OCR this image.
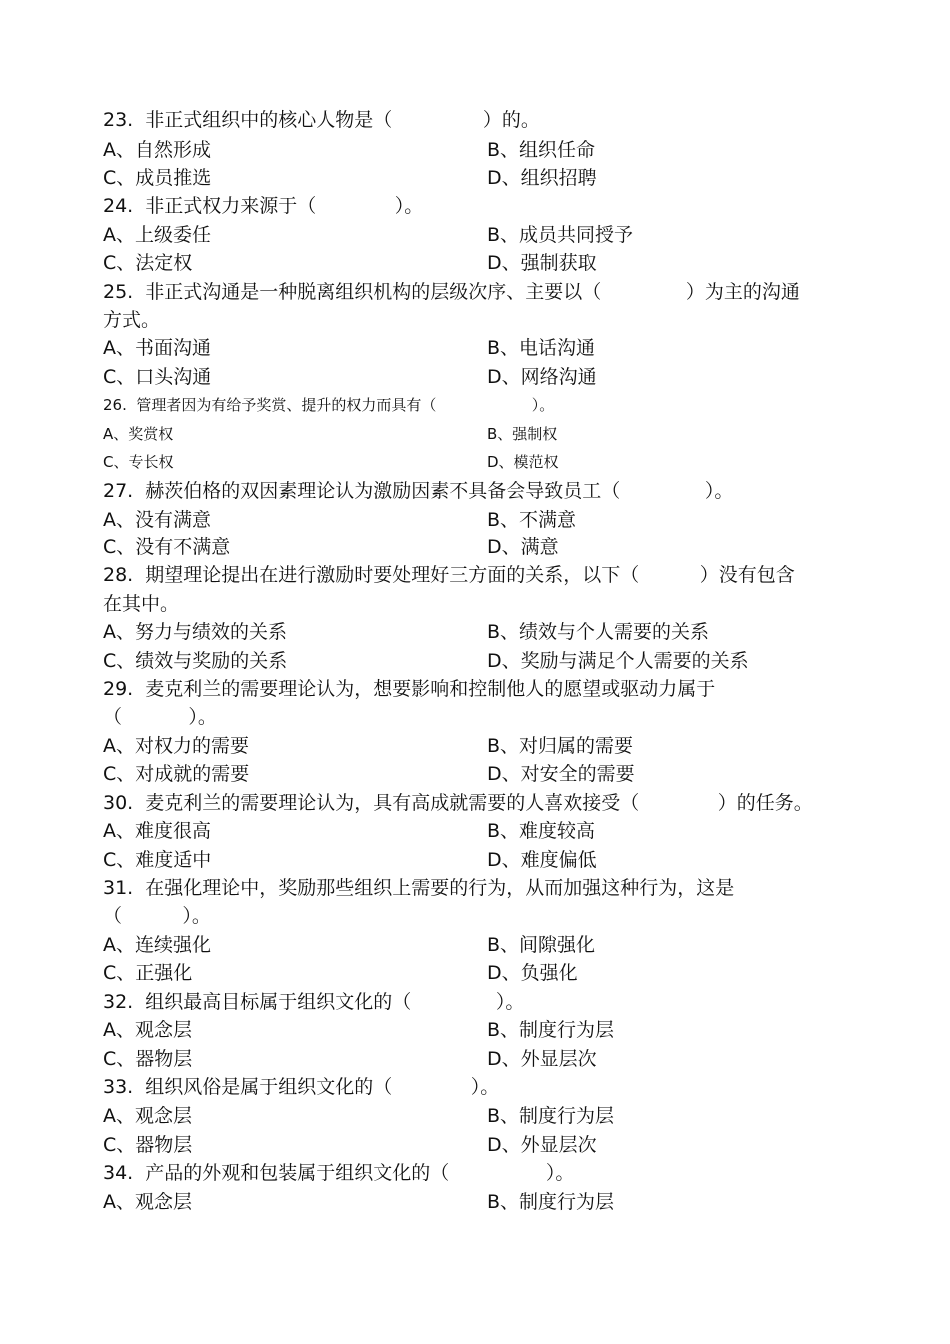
23.  非正式组织中的核心人物是（               ）的。
A、自然形成	B、组织任命
C、成员推选	D、组织招聘
24.  非正式权力来源于（             ）。
A、上级委任	B、成员共同授予
C、法定权	D、强制获取
25.  非正式沟通是一种脱离组织机构的层级次序、主要以（              ）为主的沟通
方式。
A、书面沟通	B、电话沟通
C、口头沟通	D、网络沟通
26.  管理者因为有给予奖赏、提升的权力而具有（                    ）。
A、奖赏权	B、强制权
C、专长权	D、模范权
27.  赫茨伯格的双因素理论认为激励因素不具备会导致员工（              ）。
A、没有满意	B、不满意
C、没有不满意	D、满意
28.  期望理论提出在进行激励时要处理好三方面的关系，以下（          ）没有包含
在其中。
A、努力与绩效的关系	B、绩效与个人需要的关系
C、绩效与奖励的关系	D、奖励与满足个人需要的关系
29.  麦克利兰的需要理论认为，想要影响和控制他人的愿望或驱动力属于
（           ）。
A、对权力的需要	B、对归属的需要
C、对成就的需要	D、对安全的需要
30.  麦克利兰的需要理论认为，具有高成就需要的人喜欢接受（             ）的任务。
A、难度很高	B、难度较高
C、难度适中	D、难度偏低
31.  在强化理论中，奖励那些组织上需要的行为，从而加强这种行为，这是
（          ）。
A、连续强化	B、间隙强化
C、正强化	D、负强化
32.  组织最高目标属于组织文化的（              ）。
A、观念层	B、制度行为层
C、器物层	D、外显层次
33.  组织风俗是属于组织文化的（             ）。
A、观念层	B、制度行为层
C、器物层	D、外显层次
34.  产品的外观和包装属于组织文化的（                ）。
A、观念层	B、制度行为层
